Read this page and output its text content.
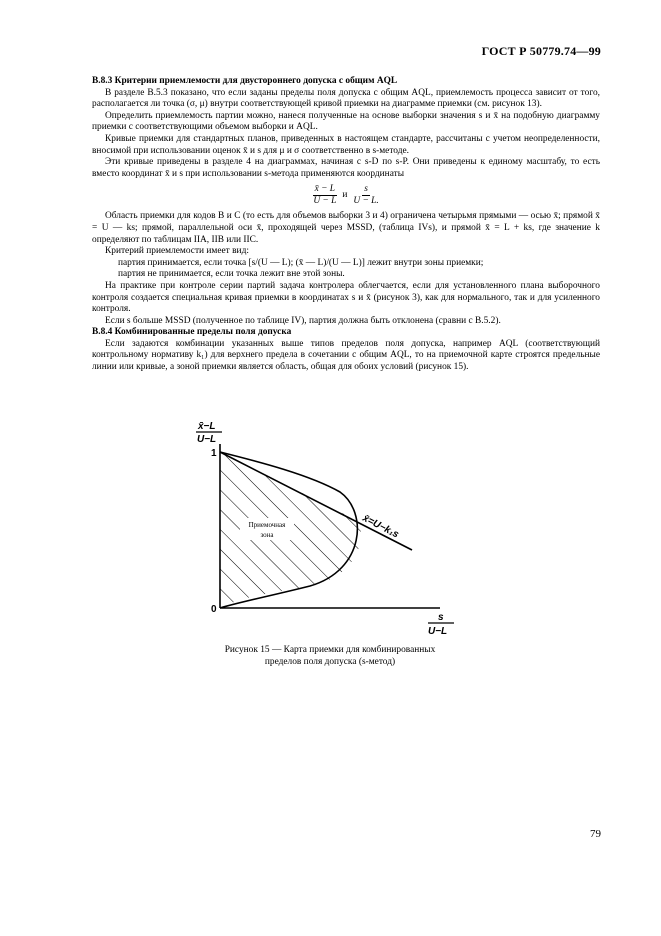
ГОСТ Р 50779.74—99

В.8.3 Критерии приемлемости для двустороннего допуска с общим AQL

В разделе В.5.3 показано, что если заданы пределы поля допуска с общим AQL, приемлемость процесса зависит от того, располагается ли точка (σ, μ) внутри соответствующей кривой приемки на диаграмме приемки (см. рисунок 13).

Определить приемлемость партии можно, нанеся полученные на основе выборки значения s и x̄ на подобную диаграмму приемки с соответствующими объемом выборки и AQL.

Кривые приемки для стандартных планов, приведенных в настоящем стандарте, рассчитаны с учетом неопределенности, вносимой при использовании оценок x̄ и s для μ и σ соответственно в s-методе.

Эти кривые приведены в разделе 4 на диаграммах, начиная с s-D по s-P. Они приведены к единому масштабу, то есть вместо координат x̄ и s при использовании s-метода применяются координаты

$\frac{x̄ - L}{U - L}$ и $\frac{s}{U - L.}$

Область приемки для кодов В и С (то есть для объемов выборки 3 и 4) ограничена четырьмя прямыми — осью x̄; прямой x̄ = U — ks; прямой, параллельной оси x̄, проходящей через MSSD, (таблица IVs), и прямой x̄ = L + ks, где значение k определяют по таблицам IIA, IIB или IIC.

Критерий приемлемости имеет вид:

партия принимается, если точка [s/(U — L); (x̄ — L)/(U — L)] лежит внутри зоны приемки;

партия не принимается, если точка лежит вне этой зоны.

На практике при контроле серии партий задача контролера облегчается, если для установленного плана выборочного контроля создается специальная кривая приемки в координатах s и x̄ (рисунок 3), как для нормального, так и для усиленного контроля.

Если s больше MSSD (полученное по таблице IV), партия должна быть отклонена (сравни с В.5.2).

В.8.4 Комбинированные пределы поля допуска

Если задаются комбинации указанных выше типов пределов поля допуска, например AQL (соответствующий контрольному нормативу k₁) для верхнего предела в сочетании с общим AQL, то на приемочной карте строятся предельные линии или кривые, а зоной приемки является область, общая для обоих условий (рисунок 15).

x̄−L
U−L
1
0
Приемочная
зона	x̄=U−k₁s
s
U−L
Рисунок 15 — Карта приемки для комбинированных
пределов поля допуска (s-метод)
79
